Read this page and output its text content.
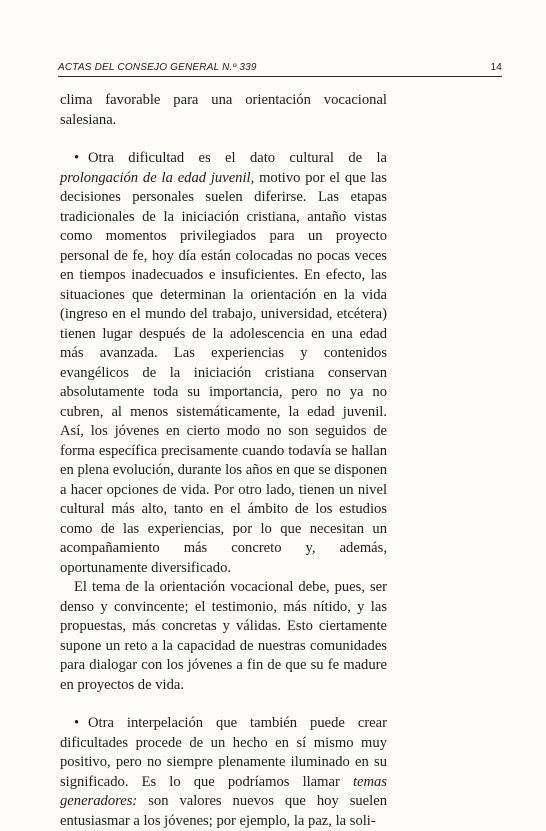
ACTAS DEL CONSEJO GENERAL N.º 339	14

clima favorable para una orientación vocacional salesiana.

• Otra dificultad es el dato cultural de la prolongación de la edad juvenil, motivo por el que las decisiones personales suelen diferirse. Las etapas tradicionales de la iniciación cristiana, antaño vistas como momentos privilegiados para un proyecto personal de fe, hoy día están colocadas no pocas veces en tiempos inadecuados e insuficientes. En efecto, las situaciones que determinan la orientación en la vida (ingreso en el mundo del trabajo, universidad, etcétera) tienen lugar después de la adolescencia en una edad más avanzada. Las experiencias y contenidos evangélicos de la iniciación cristiana conservan absolutamente toda su importancia, pero no ya no cubren, al menos sistemáticamente, la edad juvenil. Así, los jóvenes en cierto modo no son seguidos de forma específica precisamente cuando todavía se hallan en plena evolución, durante los años en que se disponen a hacer opciones de vida. Por otro lado, tienen un nivel cultural más alto, tanto en el ámbito de los estudios como de las experiencias, por lo que necesitan un acompañamiento más concreto y, además, oportunamente diversificado.

El tema de la orientación vocacional debe, pues, ser denso y convincente; el testimonio, más nítido, y las propuestas, más concretas y válidas. Esto ciertamente supone un reto a la capacidad de nuestras comunidades para dialogar con los jóvenes a fin de que su fe madure en proyectos de vida.

• Otra interpelación que también puede crear dificultades procede de un hecho en sí mismo muy positivo, pero no siempre plenamente iluminado en su significado. Es lo que podríamos llamar temas generadores: son valores nuevos que hoy suelen entusiasmar a los jóvenes; por ejemplo, la paz, la soli-
